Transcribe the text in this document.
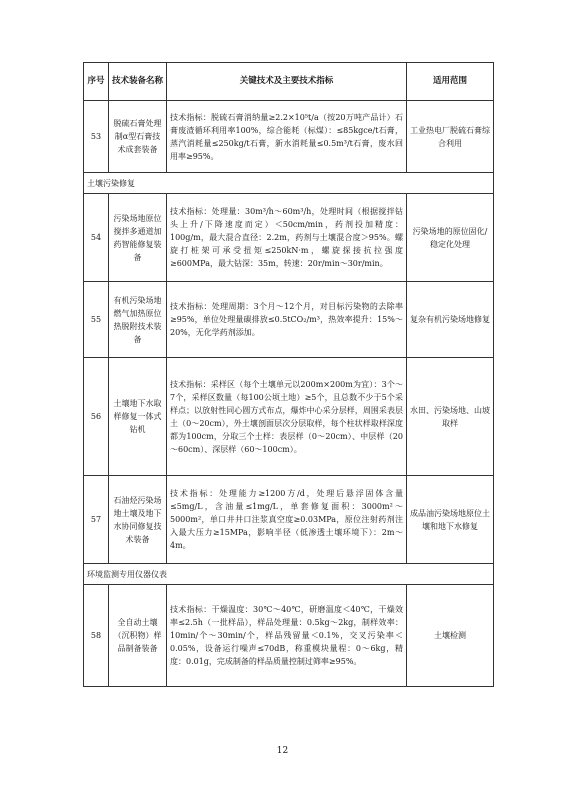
序号	技术装备名称	关键技术及主要技术指标	适用范围
53	脱硫石膏处理制α型石膏技术成套装备	技术指标：脱硫石膏消纳量≥2.2×10⁵t/a（按20万吨产品计）石膏废渣循环利用率100%，综合能耗（标煤）：≤85kgce/t石膏，蒸汽消耗量≤250kg/t石膏，新水消耗量≤0.5m³/t石膏，废水回用率≥95%。	工业热电厂脱硫石膏综合利用
土壤污染修复			
54	污染场地原位搅拌多通道加药智能修复装备	技术指标：处理量：30m³/h～60m³/h，处理时间（根据搅拌钻头上升/下降速度而定）＜50cm/min，药剂投加精度：100g/m，最大混合直径：2.2m，药剂与土壤混合度＞95%。螺旋打桩架可承受扭矩≤250kN·m，螺旋探接抗拉强度≥600MPa，最大钻深：35m，转速：20r/min～30r/min。	污染场地的原位固化/稳定化处理
55	有机污染场地燃气加热原位热脱附技术装备	技术指标：处理周期：3个月～12个月，对目标污染物的去除率≥95%，单位处理量碳排放≤0.5tCO₂/m³，热效率提升：15%～20%，无化学药剂添加。	复杂有机污染场地修复
56	土壤地下水取样修复一体式钻机	技术指标：采样区（每个土壤单元以200m×200m为宜）：3个～7个，采样区数量（每100公顷土地）≥5个，且总数不少于5个采样点；以放射性同心圆方式布点，爆炸中心采分层样，周围采表层土（0～20cm），外土壤剖面层次分层取样，每个柱状样取样深度都为100cm，分取三个土样：表层样（0～20cm）、中层样（20～60cm）、深层样（60～100cm）。	水田、污染场地、山坡取样
57	石油烃污染场地土壤及地下水协同修复技术装备	技术指标：处理能力≥1200方/d，处理后悬浮固体含量≤5mg/L，含油量≤1mg/L，单套修复面积：3000m²～5000m²，单口井井口注浆真空度≥0.03MPa，原位注射药剂注入最大压力≥15MPa，影响半径（低渗透土壤环境下）：2m～4m。	成品油污染场地原位土壤和地下水修复
环境监测专用仪器仪表			
58	全自动土壤（沉积物）样品制备装备	技术指标：干燥温度：30℃～40℃，研磨温度＜40℃，干燥效率≤2.5h（一批样品），样品处理量：0.5kg～2kg，制样效率：10min/个～30min/个，样品残留量＜0.1%，交叉污染率＜0.05%，设备运行噪声≤70dB，称重模块量程：0～6kg，精度：0.01g，完成制备的样品质量控制过筛率≥95%。	土壤检测
12
